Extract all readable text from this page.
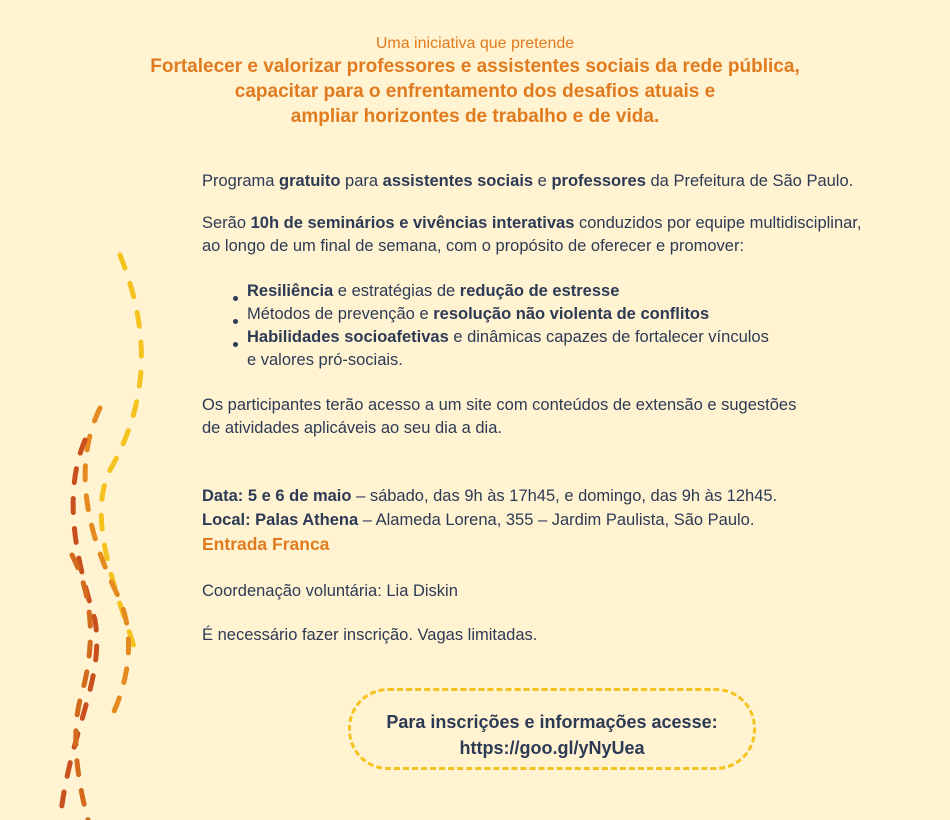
Uma iniciativa que pretende
Fortalecer e valorizar professores e assistentes sociais da rede pública,
capacitar para o enfrentamento dos desafios atuais e
ampliar horizontes de trabalho e de vida.
Programa gratuito para assistentes sociais e professores da Prefeitura de São Paulo.
Serão 10h de seminários e vivências interativas conduzidos por equipe multidisciplinar,
ao longo de um final de semana, com o propósito de oferecer e promover:
Resiliência e estratégias de redução de estresse
Métodos de prevenção e resolução não violenta de conflitos
Habilidades socioafetivas e dinâmicas capazes de fortalecer vínculos
e valores pró-sociais.
Os participantes terão acesso a um site com conteúdos de extensão e sugestões
de atividades aplicáveis ao seu dia a dia.
Data: 5 e 6 de maio – sábado, das 9h às 17h45, e domingo, das 9h às 12h45.
Local: Palas Athena – Alameda Lorena, 355 – Jardim Paulista, São Paulo.
Entrada Franca
Coordenação voluntária: Lia Diskin
É necessário fazer inscrição. Vagas limitadas.
Para inscrições e informações acesse:
https://goo.gl/yNyUea
